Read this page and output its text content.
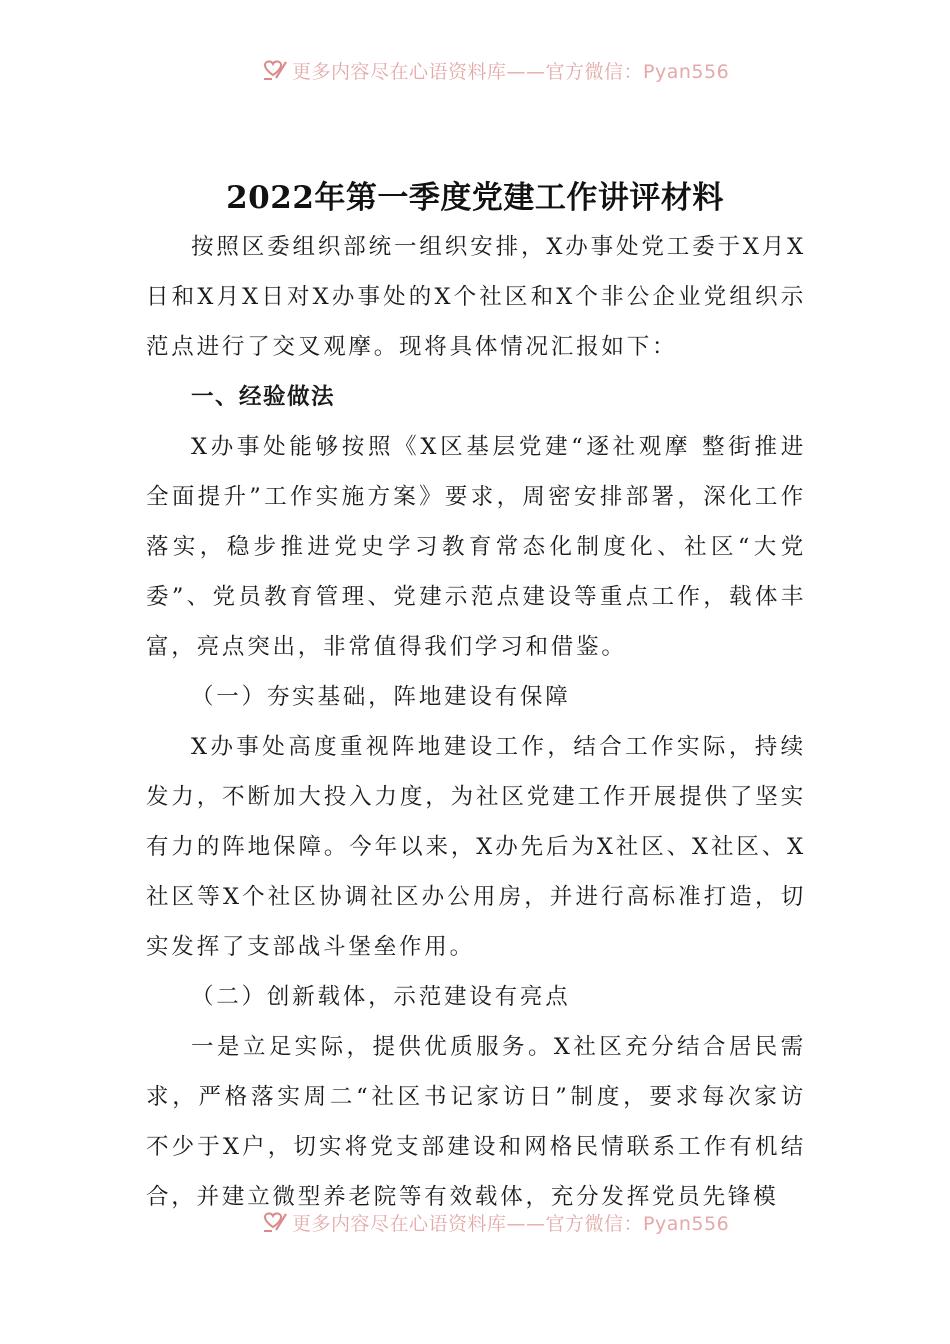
更多内容尽在心语资料库——官方微信：Pyan556
2022年第一季度党建工作讲评材料

按照区委组织部统一组织安排，X办事处党工委于X月X日和X月X日对X办事处的X个社区和X个非公企业党组织示范点进行了交叉观摩。现将具体情况汇报如下：

一、经验做法

X办事处能够按照《X区基层党建“逐社观摩 整街推进 全面提升”工作实施方案》要求，周密安排部署，深化工作落实，稳步推进党史学习教育常态化制度化、社区“大党委”、党员教育管理、党建示范点建设等重点工作，载体丰富，亮点突出，非常值得我们学习和借鉴。

（一）夯实基础，阵地建设有保障

X办事处高度重视阵地建设工作，结合工作实际，持续发力，不断加大投入力度，为社区党建工作开展提供了坚实有力的阵地保障。今年以来，X办先后为X社区、X社区、X社区等X个社区协调社区办公用房，并进行高标准打造，切实发挥了支部战斗堡垒作用。

（二）创新载体，示范建设有亮点

一是立足实际，提供优质服务。X社区充分结合居民需求，严格落实周二“社区书记家访日”制度，要求每次家访不少于X户，切实将党支部建设和网格民情联系工作有机结合，并建立微型养老院等有效载体，充分发挥党员先锋模

更多内容尽在心语资料库——官方微信：Pyan556
